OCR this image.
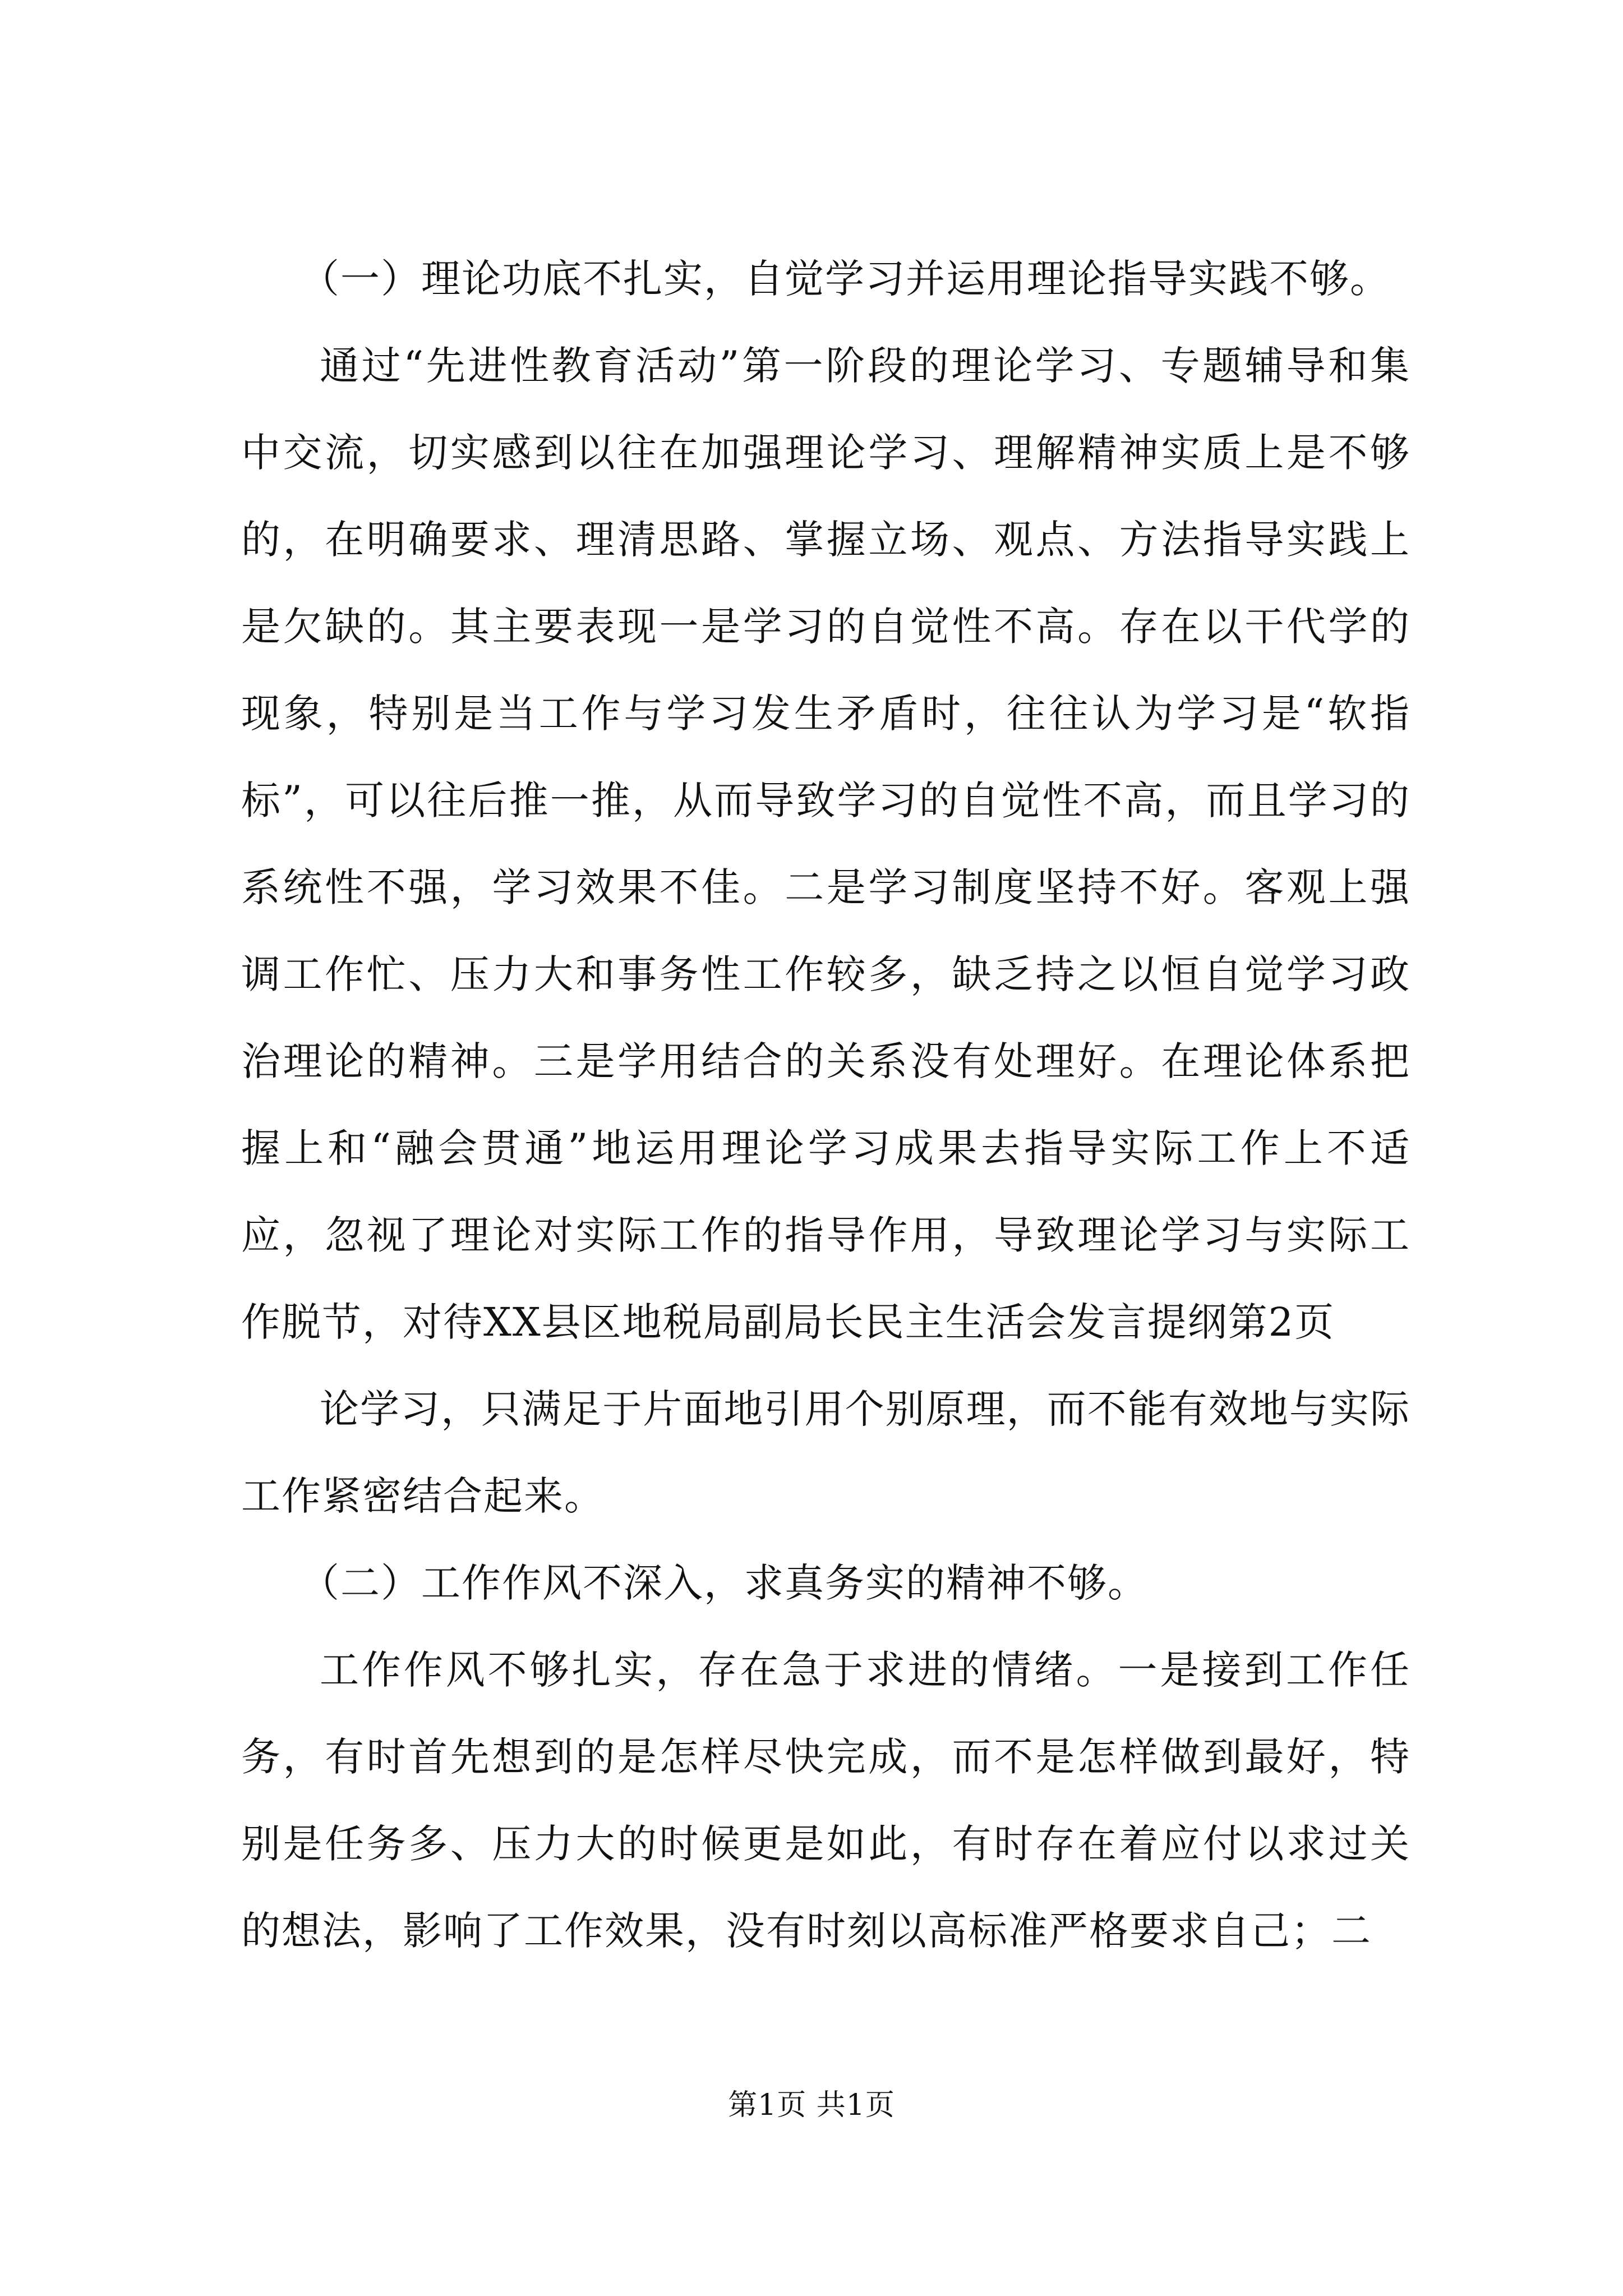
（一）理论功底不扎实，自觉学习并运用理论指导实践不够。

通过“先进性教育活动”第一阶段的理论学习、专题辅导和集中交流，切实感到以往在加强理论学习、理解精神实质上是不够的，在明确要求、理清思路、掌握立场、观点、方法指导实践上是欠缺的。其主要表现一是学习的自觉性不高。存在以干代学的现象，特别是当工作与学习发生矛盾时，往往认为学习是“软指标”，可以往后推一推，从而导致学习的自觉性不高，而且学习的系统性不强，学习效果不佳。二是学习制度坚持不好。客观上强调工作忙、压力大和事务性工作较多，缺乏持之以恒自觉学习政治理论的精神。三是学用结合的关系没有处理好。在理论体系把握上和“融会贯通”地运用理论学习成果去指导实际工作上不适应，忽视了理论对实际工作的指导作用，导致理论学习与实际工作脱节，对待XX县区地税局副局长民主生活会发言提纲第2页

论学习，只满足于片面地引用个别原理，而不能有效地与实际工作紧密结合起来。

（二）工作作风不深入，求真务实的精神不够。

工作作风不够扎实，存在急于求进的情绪。一是接到工作任务，有时首先想到的是怎样尽快完成，而不是怎样做到最好，特别是任务多、压力大的时候更是如此，有时存在着应付以求过关的想法，影响了工作效果，没有时刻以高标准严格要求自己；二

第1页 共1页
